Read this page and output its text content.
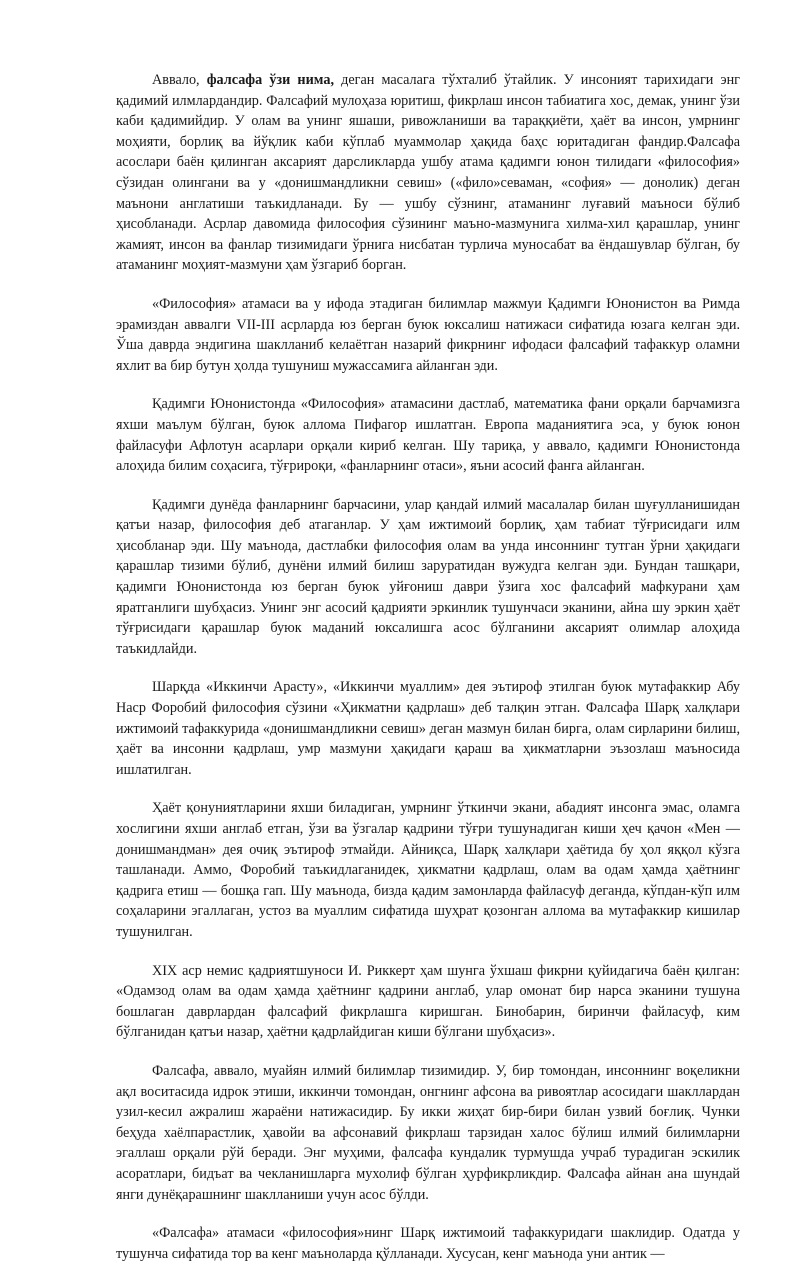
Аввало, фалсафа ўзи нима, деган масалага тўхталиб ўтайлик. У инсоният тарихидаги энг қадимий илмлардандир. Фалсафий мулоҳаза юритиш, фикрлаш инсон табиатига хос, демак, унинг ўзи каби қадимийдир. У олам ва унинг яшаши, ривожланиши ва тараққиёти, ҳаёт ва инсон, умрнинг моҳияти, борлиқ ва йўқлик каби кўплаб муаммолар ҳақида баҳс юритадиган фандир.Фалсафа асослари баён қилинган аксарият дарсликларда ушбу атама қадимги юнон тилидаги «философия» сўзидан олингани ва у «донишмандликни севиш» («фило»севаман, «софия» — донолик) деган маънони англатиши таъкидланади. Бу — ушбу сўзнинг, атаманинг луғавий маъноси бўлиб ҳисобланади. Асрлар давомида философия сўзининг маъно-мазмунига хилма-хил қарашлар, унинг жамият, инсон ва фанлар тизимидаги ўрнига нисбатан турлича муносабат ва ёндашувлар бўлган, бу атаманинг моҳият-мазмуни ҳам ўзгариб борган.

«Философия» атамаси ва у ифода этадиган билимлар мажмуи Қадимги Юнонистон ва Римда эрамиздан аввалги VII-III асрларда юз берган буюк юксалиш натижаси сифатида юзага келган эди. Ўша даврда эндигина шаклланиб келаётган назарий фикрнинг ифодаси фалсафий тафаккур оламни яхлит ва бир бутун ҳолда тушуниш мужассамига айланган эди.

Қадимги Юнонистонда «Философия» атамасини дастлаб, математика фани орқали барчамизга яхши маълум бўлган, буюк аллома Пифагор ишлатган. Европа маданиятига эса, у буюк юнон файласуфи Афлотун асарлари орқали кириб келган. Шу тариқа, у аввало, қадимги Юнонистонда алоҳида билим соҳасига, тўғрироқи, «фанларнинг отаси», яъни асосий фанга айланган.

Қадимги дунёда фанларнинг барчасини, улар қандай илмий масалалар билан шуғулланишидан қатъи назар, философия деб атаганлар. У ҳам ижтимоий борлиқ, ҳам табиат тўғрисидаги илм ҳисобланар эди. Шу маънода, дастлабки философия олам ва унда инсоннинг тутган ўрни ҳақидаги қарашлар тизими бўлиб, дунёни илмий билиш заруратидан вужудга келган эди. Бундан ташқари, қадимги Юнонистонда юз берган буюк уйғониш даври ўзига хос фалсафий мафкурани ҳам яратганлиги шубҳасиз. Унинг энг асосий қадрияти эркинлик тушунчаси эканини, айна шу эркин ҳаёт тўғрисидаги қарашлар буюк маданий юксалишга асос бўлганини аксарият олимлар алоҳида таъкидлайди.

Шарқда «Иккинчи Арасту», «Иккинчи муаллим» дея эътироф этилган буюк мутафаккир Абу Наср Форобий философия сўзини «Ҳикматни қадрлаш» деб талқин этган. Фалсафа Шарқ халқлари ижтимоий тафаккурида «донишмандликни севиш» деган мазмун билан бирга, олам сирларини билиш, ҳаёт ва инсонни қадрлаш, умр мазмуни ҳақидаги қараш ва ҳикматларни эъзозлаш маъносида ишлатилган.

Ҳаёт қонуниятларини яхши биладиган, умрнинг ўткинчи экани, абадият инсонга эмас, оламга хослигини яхши англаб етган, ўзи ва ўзгалар қадрини тўғри тушунадиган киши ҳеч қачон «Мен — донишмандман» дея очиқ эътироф этмайди. Айниқса, Шарқ халқлари ҳаётида бу ҳол яққол кўзга ташланади. Аммо, Форобий таъкидлаганидек, ҳикматни қадрлаш, олам ва одам ҳамда ҳаётнинг қадрига етиш — бошқа гап. Шу маънода, бизда қадим замонларда файласуф деганда, кўпдан-кўп илм соҳаларини эгаллаган, устоз ва муаллим сифатида шуҳрат қозонган аллома ва мутафаккир кишилар тушунилган.

XIX аср немис қадриятшуноси И. Риккерт ҳам шунга ўхшаш фикрни қуйидагича баён қилган: «Одамзод олам ва одам ҳамда ҳаётнинг қадрини англаб, улар омонат бир нарса эканини тушуна бошлаган даврлардан фалсафий фикрлашга киришган. Бинобарин, биринчи файласуф, ким бўлганидан қатъи назар, ҳаётни қадрлайдиган киши бўлгани шубҳасиз».

Фалсафа, аввало, муайян илмий билимлар тизимидир. У, бир томондан, инсоннинг воқеликни ақл воситасида идрок этиши, иккинчи томондан, онгнинг афсона ва ривоятлар асосидаги шакллардан узил-кесил ажралиш жараёни натижасидир. Бу икки жиҳат бир-бири билан узвий боғлиқ. Чунки беҳуда хаёлпарастлик, ҳавойи ва афсонавий фикрлаш тарзидан халос бўлиш илмий билимларни эгаллаш орқали рўй беради. Энг муҳими, фалсафа кундалик турмушда учраб турадиган эскилик асоратлари, бидъат ва чекланишларга мухолиф бўлган ҳурфикрликдир. Фалсафа айнан ана шундай янги дунёқарашнинг шаклланиши учун асос бўлди.

«Фалсафа» атамаси «философия»нинг Шарқ ижтимоий тафаккуридаги шаклидир. Одатда у тушунча сифатида тор ва кенг маъноларда қўлланади. Хусусан, кенг маънода уни антик —
